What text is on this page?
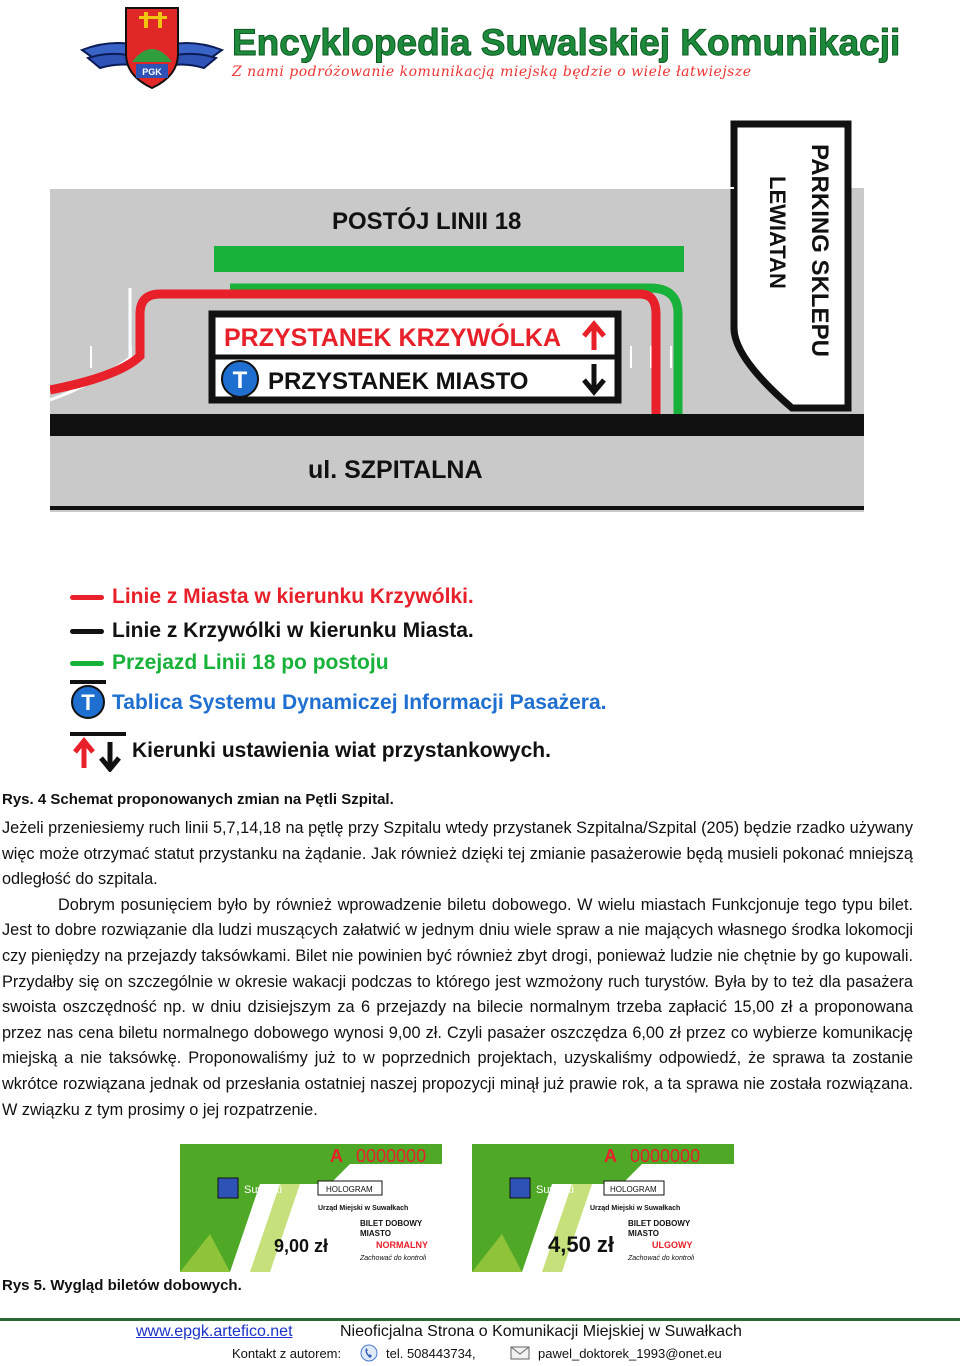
PGK
Encyklopedia Suwalskiej Komunikacji
Z nami podróżowanie komunikacją miejską będzie o wiele łatwiejsze
POSTÓJ LINII 18
PRZYSTANEK KRZYWÓLKA
PRZYSTANEK MIASTO
ul. SZPITALNA
PARKING SKLEPU
LEWIATAN
T
Linie z Miasta w kierunku Krzywólki.
Linie z Krzywólki w kierunku Miasta.
Przejazd Linii 18 po postoju
T Tablica Systemu Dynamiczej Informacji Pasażera.
Kierunki ustawienia wiat przystankowych.
Rys. 4 Schemat proponowanych zmian na Pętli Szpital.

Jeżeli przeniesiemy ruch linii 5,7,14,18 na pętlę przy Szpitalu wtedy przystanek Szpitalna/Szpital (205) będzie rzadko używany więc może otrzymać statut przystanku na żądanie. Jak również dzięki tej zmianie pasażerowie będą musieli pokonać mniejszą odległość do szpitala.

Dobrym posunięciem było by również wprowadzenie biletu dobowego. W wielu miastach Funkcjonuje tego typu bilet. Jest to dobre rozwiązanie dla ludzi muszących załatwić w jednym dniu wiele spraw a nie mających własnego środka lokomocji czy pieniędzy na przejazdy taksówkami. Bilet nie powinien być również zbyt drogi, ponieważ ludzie nie chętnie by go kupowali. Przydałby się on szczególnie w okresie wakacji podczas to którego jest wzmożony ruch turystów. Była by to też dla pasażera swoista oszczędność np. w dniu dzisiejszym za 6 przejazdy na bilecie normalnym trzeba zapłacić 15,00 zł a proponowana przez nas cena biletu normalnego dobowego wynosi 9,00 zł. Czyli pasażer oszczędza 6,00 zł przez co wybierze komunikację miejską a nie taksówkę. Proponowaliśmy już to w poprzednich projektach, uzyskaliśmy odpowiedź, że sprawa ta zostanie wkrótce rozwiązana jednak od przesłania ostatniej naszej propozycji minął już prawie rok, a ta sprawa nie została rozwiązana. W związku z tym prosimy o jej rozpatrzenie.

A 0000000
Suwałki	HOLOGRAM
Urząd Miejski w Suwałkach
BILET DOBOWY
MIASTO
9,00 zł	NORMALNY
Zachować do kontroli
A 0000000
Suwałki	HOLOGRAM
Urząd Miejski w Suwałkach
BILET DOBOWY
MIASTO
4,50 zł	ULGOWY
Zachować do kontroli
Rys 5. Wygląd biletów dobowych.
www.epgk.artefico.net	Nieoficjalna Strona o Komunikacji Miejskiej w Suwałkach
Kontakt z autorem:	tel. 508443734,	pawel_doktorek_1993@onet.eu
